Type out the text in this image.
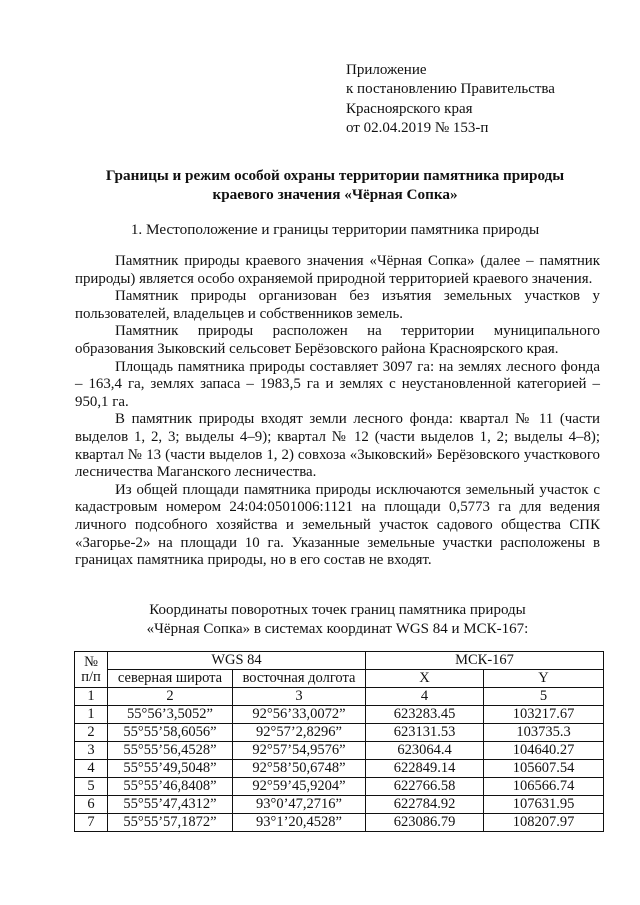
Приложение
к постановлению Правительства
Красноярского края
от 02.04.2019 № 153-п
Границы и режим особой охраны территории памятника природы
краевого значения «Чёрная Сопка»
1. Местоположение и границы территории памятника природы

Памятник природы краевого значения «Чёрная Сопка» (далее – памятник природы) является особо охраняемой природной территорией краевого значения.

Памятник природы организован без изъятия земельных участков у пользователей, владельцев и собственников земель.

Памятник природы расположен на территории муниципального образования Зыковский сельсовет Берёзовского района Красноярского края.

Площадь памятника природы составляет 3097 га: на землях лесного фонда – 163,4 га, землях запаса – 1983,5 га и землях с неустановленной категорией – 950,1 га.

В памятник природы входят земли лесного фонда: квартал № 11 (части выделов 1, 2, 3; выделы 4–9); квартал № 12 (части выделов 1, 2; выделы 4–8); квартал № 13 (части выделов 1, 2) совхоза «Зыковский» Берёзовского участкового лесничества Маганского лесничества.

Из общей площади памятника природы исключаются земельный участок с кадастровым номером 24:04:0501006:1121 на площади 0,5773 га для ведения личного подсобного хозяйства и земельный участок садового общества СПК «Загорье-2» на площади 10 га. Указанные земельные участки расположены в границах памятника природы, но в его состав не входят.

Координаты поворотных точек границ памятника природы
«Чёрная Сопка» в системах координат WGS 84 и МСК-167:
№
п/п	WGS 84		МСК-167	
	северная широта	восточная долгота	X	Y
1	2	3	4	5
1	55°56’3,5052”	92°56’33,0072”	623283.45	103217.67
2	55°55’58,6056”	92°57’2,8296”	623131.53	103735.3
3	55°55’56,4528”	92°57’54,9576”	623064.4	104640.27
4	55°55’49,5048”	92°58’50,6748”	622849.14	105607.54
5	55°55’46,8408”	92°59’45,9204”	622766.58	106566.74
6	55°55’47,4312”	93°0’47,2716”	622784.92	107631.95
7	55°55’57,1872”	93°1’20,4528”	623086.79	108207.97
